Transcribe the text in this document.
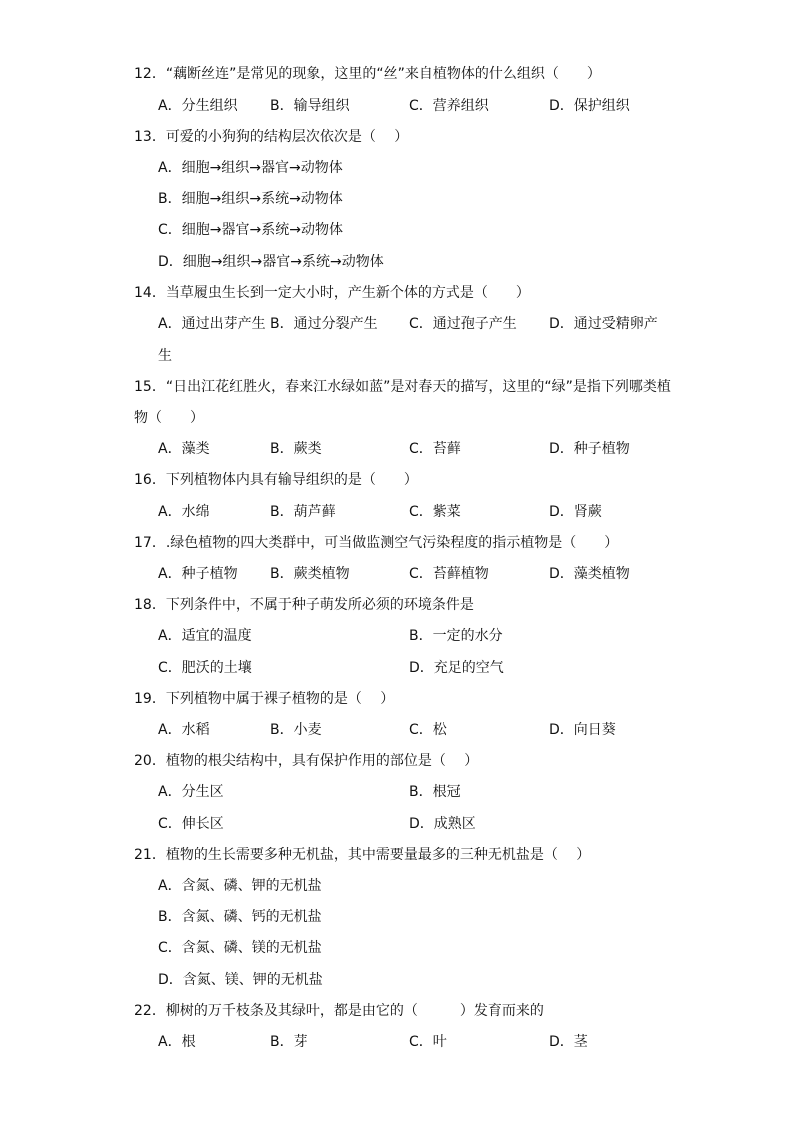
12．“藕断丝连”是常见的现象，这里的“丝”来自植物体的什么组织（　　）
A．分生组织 B．输导组织	C．营养组织	D．保护组织
13．可爱的小狗狗的结构层次依次是（　 ）
A．细胞→组织→器官→动物体
B．细胞→组织→系统→动物体
C．细胞→器官→系统→动物体
D．细胞→组织→器官→系统→动物体
14．当草履虫生长到一定大小时，产生新个体的方式是（　　）
A．通过出芽产生 B．通过分裂产生 C．通过孢子产生 D．通过受精卵产
生
15．“日出江花红胜火，春来江水绿如蓝”是对春天的描写，这里的“绿”是指下列哪类植
物（　　）
A．藻类	B．蕨类	C．苔藓	D．种子植物
16．下列植物体内具有输导组织的是（　　）
A．水绵	B．葫芦藓	C．紫菜	D．肾蕨
17．.绿色植物的四大类群中，可当做监测空气污染程度的指示植物是（　　）
A．种子植物 B．蕨类植物	C．苔藓植物	D．藻类植物
18．下列条件中，不属于种子萌发所必须的环境条件是
A．适宜的温度	B．一定的水分
C．肥沃的土壤	D．充足的空气
19．下列植物中属于裸子植物的是（　 ）
A．水稻	B．小麦	C．松	D．向日葵
20．植物的根尖结构中，具有保护作用的部位是（　 ）
A．分生区	B．根冠
C．伸长区	D．成熟区
21．植物的生长需要多种无机盐，其中需要量最多的三种无机盐是（　 ）
A．含氮、磷、钾的无机盐
B．含氮、磷、钙的无机盐
C．含氮、磷、镁的无机盐
D．含氮、镁、钾的无机盐
22．柳树的万千枝条及其绿叶，都是由它的（　　　）发育而来的
A．根	B．芽	C．叶	D．茎
